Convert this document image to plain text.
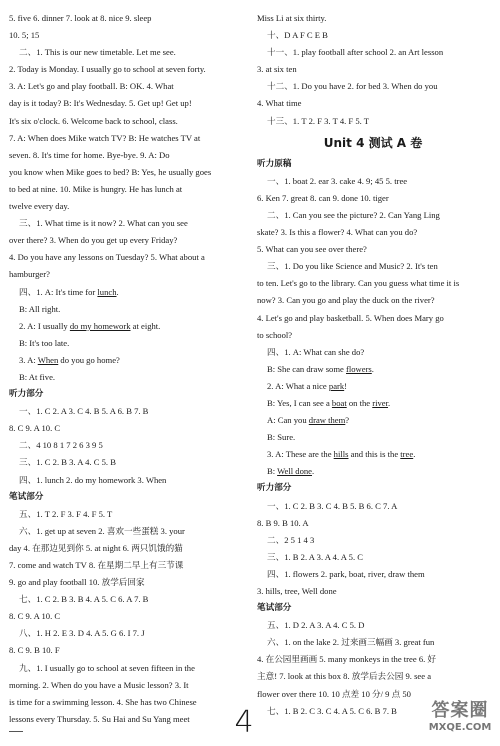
5. five 6. dinner 7. look at 8. nice 9. sleep
10. 5; 15
二、1. This is our new timetable. Let me see.
2. Today is Monday. I usually go to school at seven forty.
3. A: Let's go and play football. B: OK. 4. What
day is it today? B: It's Wednesday. 5. Get up! Get up!
It's six o'clock. 6. Welcome back to school, class.
7. A: When does Mike watch TV? B: He watches TV at
seven. 8. It's time for home. Bye-bye. 9. A: Do
you know when Mike goes to bed? B: Yes, he usually goes
to bed at nine. 10. Mike is hungry. He has lunch at
twelve every day.
三、1. What time is it now? 2. What can you see
over there? 3. When do you get up every Friday?
4. Do you have any lessons on Tuesday? 5. What about a
hamburger?
四、1. A: It's time for lunch.
B: All right.
2. A: I usually do my homework at eight.
B: It's too late.
3. A: When do you go home?
B: At five.
听力部分
一、1. C 2. A 3. C 4. B 5. A 6. B 7. B
8. C 9. A 10. C
二、4 10 8 1 7 2 6 3 9 5
三、1. C 2. B 3. A 4. C 5. B
四、1. lunch 2. do my homework 3. When
笔试部分
五、1. T 2. F 3. F 4. F 5. T
六、1. get up at seven 2. 喜欢一些蛋糕 3. your
day 4. 在那边见到你 5. at night 6. 两只饥饿的猫
7. come and watch TV 8. 在星期二早上有三节课
9. go and play football 10. 放学后回家
七、1. C 2. B 3. B 4. A 5. C 6. A 7. B
8. C 9. A 10. C
八、1. H 2. E 3. D 4. A 5. G 6. I 7. J
8. C 9. B 10. F
九、1. I usually go to school at seven fifteen in the
morning. 2. When do you have a Music lesson? 3. It
is time for a swimming lesson. 4. She has two Chinese
lessons every Thursday. 5. Su Hai and Su Yang meet
Miss Li at six thirty.
十、D A F C E B
十一、1. play football after school 2. an Art lesson
3. at six ten
十二、1. Do you have 2. for bed 3. When do you
4. What time
十三、1. T 2. F 3. T 4. F 5. T
Unit 4 测试 A 卷
听力原稿
一、1. boat 2. ear 3. cake 4. 9; 45 5. tree
6. Ken 7. great 8. can 9. done 10. tiger
二、1. Can you see the picture? 2. Can Yang Ling
skate? 3. Is this a flower? 4. What can you do?
5. What can you see over there?
三、1. Do you like Science and Music? 2. It's ten
to ten. Let's go to the library. Can you guess what time it is
now? 3. Can you go and play the duck on the river?
4. Let's go and play basketball. 5. When does Mary go
to school?
四、1. A: What can she do?
B: She can draw some flowers.
2. A: What a nice park!
B: Yes, I can see a boat on the river.
A: Can you draw them?
B: Sure.
3. A: These are the hills and this is the tree.
B: Well done.
听力部分
一、1. C 2. B 3. C 4. B 5. B 6. C 7. A
8. B 9. B 10. A
二、2 5 1 4 3
三、1. B 2. A 3. A 4. A 5. C
四、1. flowers 2. park, boat, river, draw them
3. hills, tree, Well done
笔试部分
五、1. D 2. A 3. A 4. C 5. D
六、1. on the lake 2. 过来画三幅画 3. great fun
4. 在公园里画画 5. many monkeys in the tree 6. 好
主意! 7. look at this box 8. 放学后去公园 9. see a
flower over there 10. 10 点差 10 分/ 9 点 50
七、1. B 2. C 3. C 4. A 5. C 6. B 7. B
4	答案圈
MXQE.COM
